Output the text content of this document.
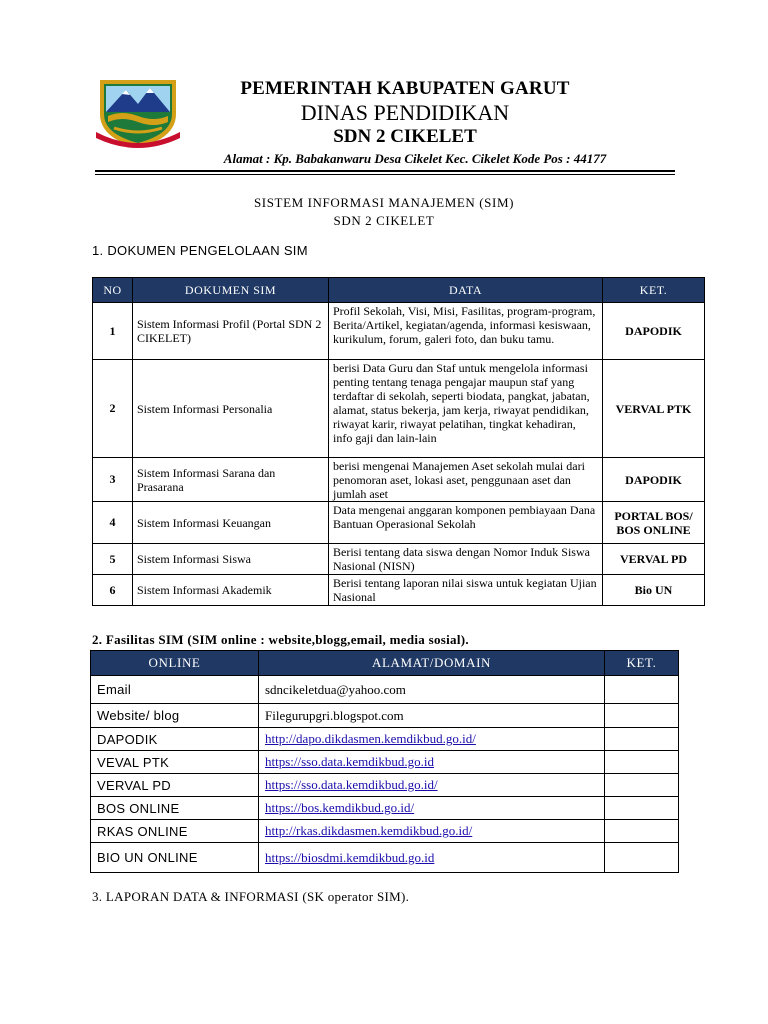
PEMERINTAH KABUPATEN GARUT
DINAS PENDIDIKAN
SDN 2 CIKELET
Alamat : Kp. Babakanwaru Desa Cikelet Kec. Cikelet Kode Pos : 44177
SISTEM INFORMASI MANAJEMEN (SIM)
SDN 2 CIKELET
1. DOKUMEN PENGELOLAAN SIM
NO	DOKUMEN SIM	DATA	KET.
1	Sistem Informasi Profil (Portal SDN 2 CIKELET)	Profil Sekolah, Visi, Misi, Fasilitas, program-program, Berita/Artikel, kegiatan/agenda, informasi kesiswaan, kurikulum, forum, galeri foto, dan buku tamu.	DAPODIK
2	Sistem Informasi Personalia	berisi Data Guru dan Staf untuk mengelola informasi penting tentang tenaga pengajar maupun staf yang terdaftar di sekolah, seperti biodata, pangkat, jabatan, alamat, status bekerja, jam kerja, riwayat pendidikan, riwayat karir, riwayat pelatihan, tingkat kehadiran, info gaji dan lain-lain	VERVAL PTK
3	Sistem Informasi Sarana dan Prasarana	berisi mengenai Manajemen Aset sekolah mulai dari penomoran aset, lokasi aset, penggunaan aset dan jumlah aset	DAPODIK
4	Sistem Informasi Keuangan	Data mengenai anggaran komponen pembiayaan Dana Bantuan Operasional Sekolah	PORTAL BOS/ BOS ONLINE
5	Sistem Informasi Siswa	Berisi tentang data siswa dengan Nomor Induk Siswa Nasional (NISN)	VERVAL PD
6	Sistem Informasi Akademik	Berisi tentang laporan nilai siswa untuk kegiatan Ujian Nasional	Bio UN
2. Fasilitas SIM (SIM online : website,blogg,email, media sosial).
ONLINE	ALAMAT/DOMAIN	KET.
Email	sdncikeletdua@yahoo.com	
Website/ blog	Filegurupgri.blogspot.com	
DAPODIK	http://dapo.dikdasmen.kemdikbud.go.id/	
VEVAL PTK	https://sso.data.kemdikbud.go.id	
VERVAL PD	https://sso.data.kemdikbud.go.id/	
BOS ONLINE	https://bos.kemdikbud.go.id/	
RKAS ONLINE	http://rkas.dikdasmen.kemdikbud.go.id/	
BIO UN ONLINE	https://biosdmi.kemdikbud.go.id	
3. LAPORAN DATA & INFORMASI (SK operator SIM).
